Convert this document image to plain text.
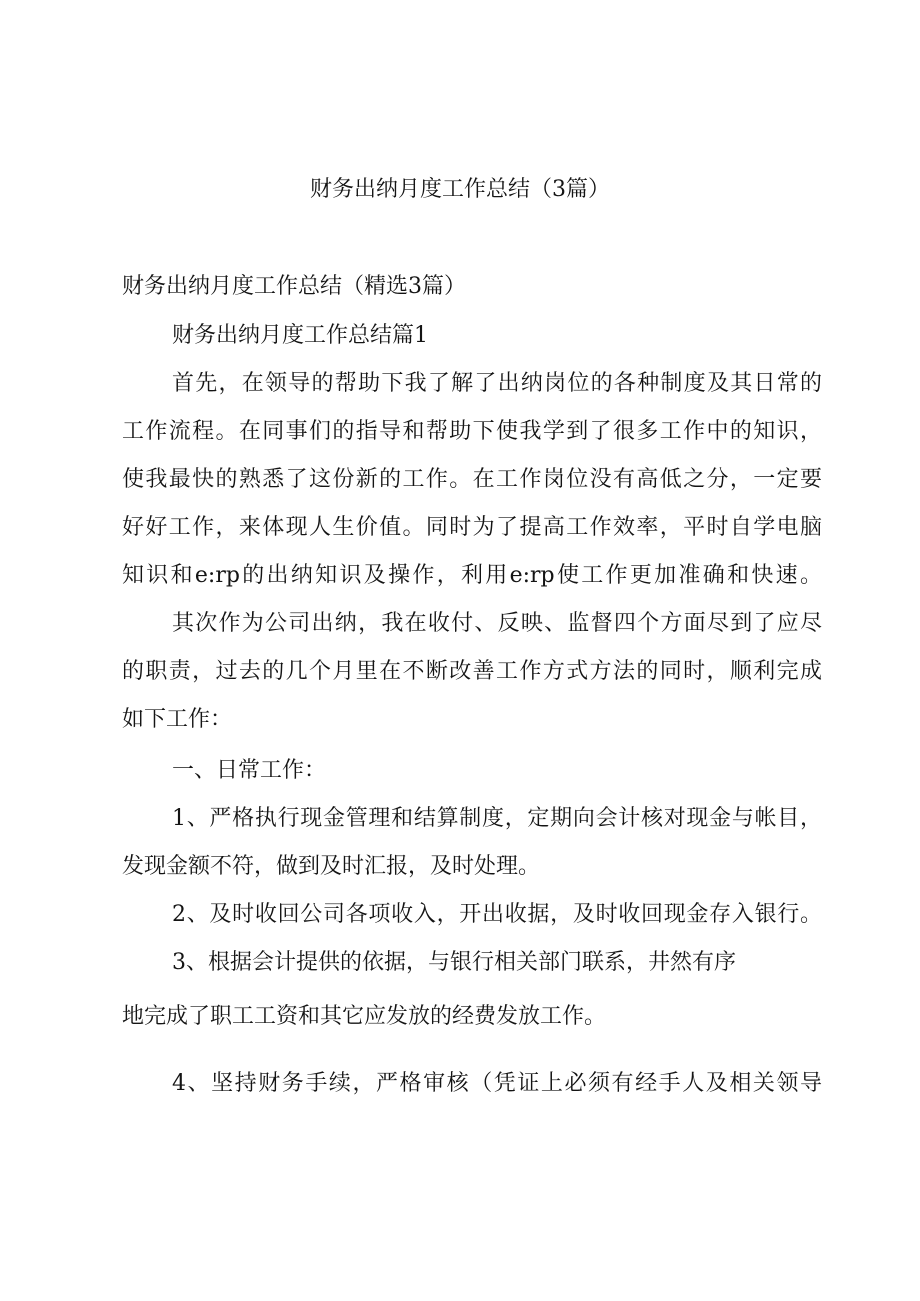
财务出纳月度工作总结（3篇）
财务出纳月度工作总结（精选3篇）
财务出纳月度工作总结篇1
首先，在领导的帮助下我了解了出纳岗位的各种制度及其日常的
工作流程。在同事们的指导和帮助下使我学到了很多工作中的知识，
使我最快的熟悉了这份新的工作。在工作岗位没有高低之分，一定要
好好工作，来体现人生价值。同时为了提高工作效率，平时自学电脑
知识和e:rp的出纳知识及操作，利用e:rp使工作更加准确和快速。
其次作为公司出纳，我在收付、反映、监督四个方面尽到了应尽
的职责，过去的几个月里在不断改善工作方式方法的同时，顺利完成
如下工作：
一、日常工作：
1、严格执行现金管理和结算制度，定期向会计核对现金与帐目，
发现金额不符，做到及时汇报，及时处理。
2、及时收回公司各项收入，开出收据，及时收回现金存入银行。
3、根据会计提供的依据，与银行相关部门联系，井然有序
地完成了职工工资和其它应发放的经费发放工作。
4、坚持财务手续，严格审核（凭证上必须有经手人及相关领导
